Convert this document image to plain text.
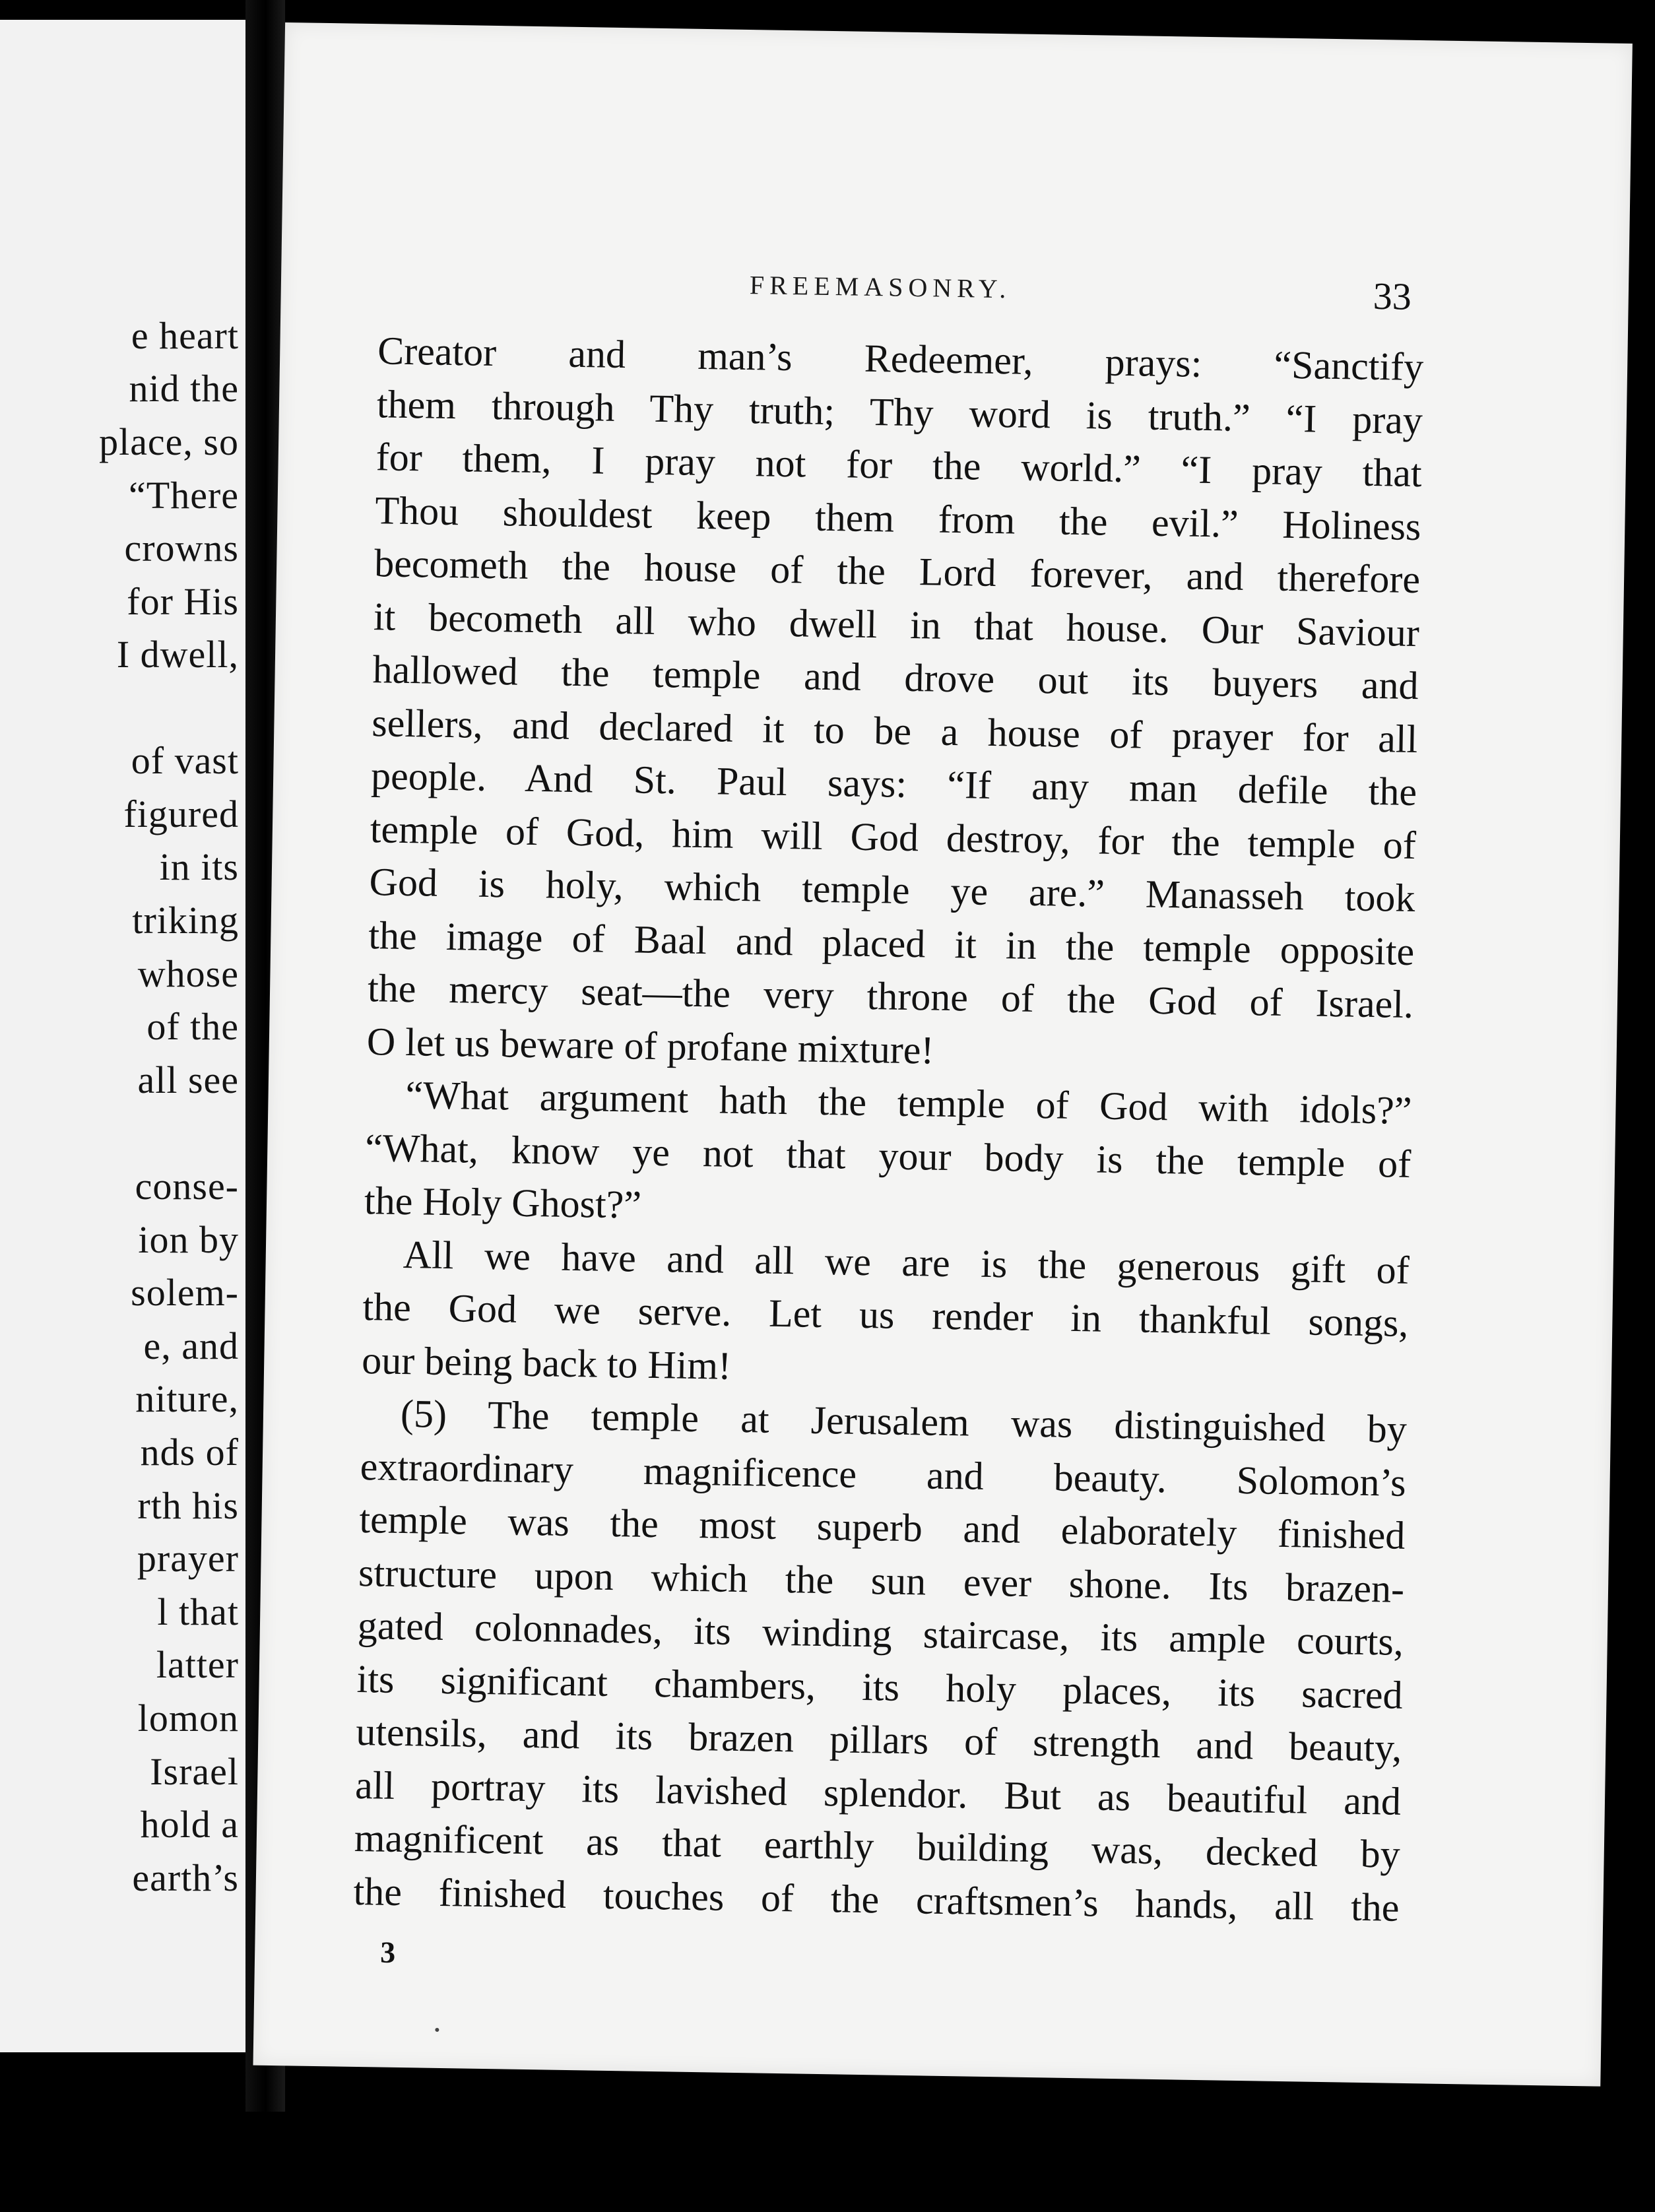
e heart
nid the
place, so
“There
crowns
for His
I dwell,
of vast
figured
in its
triking
whose
of the
all see
conse-
ion by
solem-
e, and
niture,
nds of
rth his
prayer
l that
latter
lomon
Israel
hold a
earth’s
FREEMASONRY.	33
Creator and man’s Redeemer, prays: “Sanctify
them through Thy truth; Thy word is truth.” “I pray
for them, I pray not for the world.” “I pray that
Thou shouldest keep them from the evil.” Holiness
becometh the house of the Lord forever, and therefore
it becometh all who dwell in that house. Our Saviour
hallowed the temple and drove out its buyers and
sellers, and declared it to be a house of prayer for all
people. And St. Paul says: “If any man defile the
temple of God, him will God destroy, for the temple of
God is holy, which temple ye are.” Manasseh took
the image of Baal and placed it in the temple opposite
the mercy seat—the very throne of the God of Israel.
O let us beware of profane mixture!
“What argument hath the temple of God with idols?”
“What, know ye not that your body is the temple of
the Holy Ghost?”
All we have and all we are is the generous gift of
the God we serve. Let us render in thankful songs,
our being back to Him!
(5) The temple at Jerusalem was distinguished by
extraordinary magnificence and beauty. Solomon’s
temple was the most superb and elaborately finished
structure upon which the sun ever shone. Its brazen-
gated colonnades, its winding staircase, its ample courts,
its significant chambers, its holy places, its sacred
utensils, and its brazen pillars of strength and beauty,
all portray its lavished splendor. But as beautiful and
magnificent as that earthly building was, decked by
the finished touches of the craftsmen’s hands, all the
3
